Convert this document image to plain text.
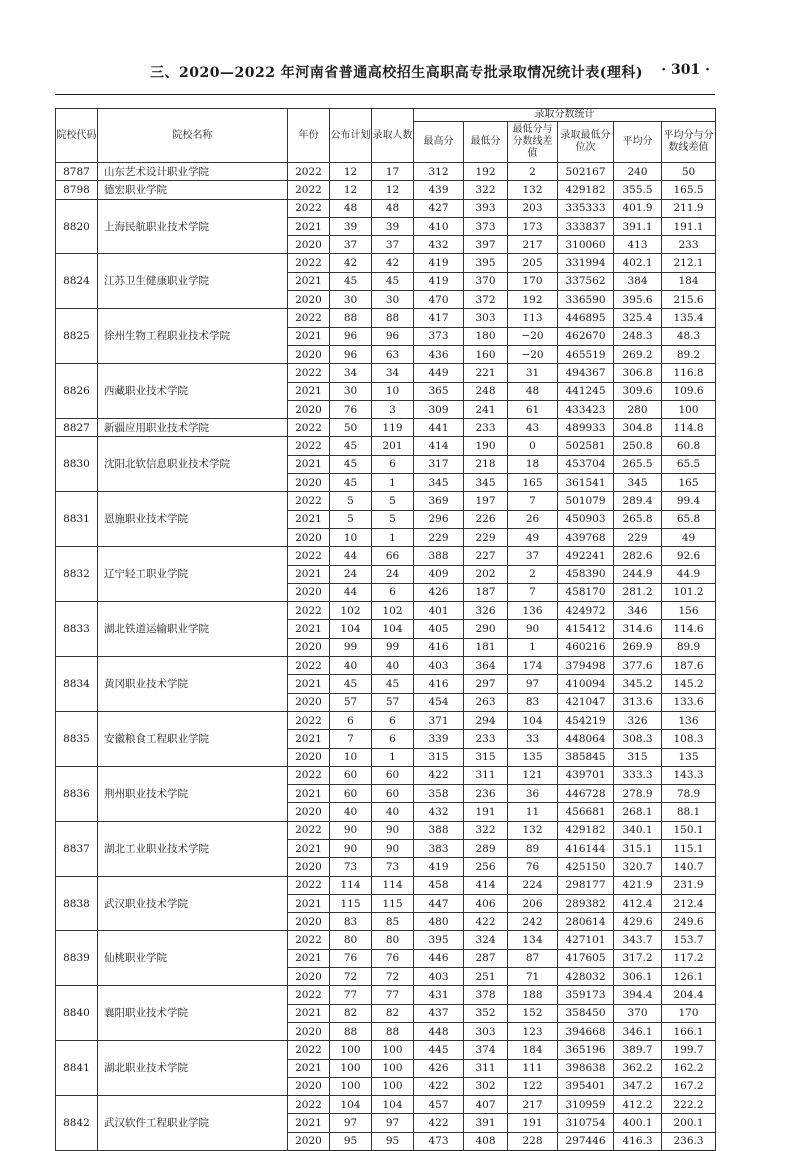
三、2020—2022 年河南省普通高校招生高职高专批录取情况统计表(理科) · 301 ·
院校代码	院校名称	年份	公布计划	录取人数	录取分数统计					
					最高分	最低分	最低分与分数线差值	录取最低分位次	平均分	平均分与分数线差值
8787	山东艺术设计职业学院	2022	12	17	312	192	2	502167	240	50
8798	德宏职业学院	2022	12	12	439	322	132	429182	355.5	165.5
8820	上海民航职业技术学院	2022	48	48	427	393	203	335333	401.9	211.9
		2021	39	39	410	373	173	333837	391.1	191.1
		2020	37	37	432	397	217	310060	413	233
8824	江苏卫生健康职业学院	2022	42	42	419	395	205	331994	402.1	212.1
		2021	45	45	419	370	170	337562	384	184
		2020	30	30	470	372	192	336590	395.6	215.6
8825	徐州生物工程职业技术学院	2022	88	88	417	303	113	446895	325.4	135.4
		2021	96	96	373	180	−20	462670	248.3	48.3
		2020	96	63	436	160	−20	465519	269.2	89.2
8826	西藏职业技术学院	2022	34	34	449	221	31	494367	306.8	116.8
		2021	30	10	365	248	48	441245	309.6	109.6
		2020	76	3	309	241	61	433423	280	100
8827	新疆应用职业技术学院	2022	50	119	441	233	43	489933	304.8	114.8
8830	沈阳北软信息职业技术学院	2022	45	201	414	190	0	502581	250.8	60.8
		2021	45	6	317	218	18	453704	265.5	65.5
		2020	45	1	345	345	165	361541	345	165
8831	恩施职业技术学院	2022	5	5	369	197	7	501079	289.4	99.4
		2021	5	5	296	226	26	450903	265.8	65.8
		2020	10	1	229	229	49	439768	229	49
8832	辽宁轻工职业学院	2022	44	66	388	227	37	492241	282.6	92.6
		2021	24	24	409	202	2	458390	244.9	44.9
		2020	44	6	426	187	7	458170	281.2	101.2
8833	湖北铁道运输职业学院	2022	102	102	401	326	136	424972	346	156
		2021	104	104	405	290	90	415412	314.6	114.6
		2020	99	99	416	181	1	460216	269.9	89.9
8834	黄冈职业技术学院	2022	40	40	403	364	174	379498	377.6	187.6
		2021	45	45	416	297	97	410094	345.2	145.2
		2020	57	57	454	263	83	421047	313.6	133.6
8835	安徽粮食工程职业学院	2022	6	6	371	294	104	454219	326	136
		2021	7	6	339	233	33	448064	308.3	108.3
		2020	10	1	315	315	135	385845	315	135
8836	荆州职业技术学院	2022	60	60	422	311	121	439701	333.3	143.3
		2021	60	60	358	236	36	446728	278.9	78.9
		2020	40	40	432	191	11	456681	268.1	88.1
8837	湖北工业职业技术学院	2022	90	90	388	322	132	429182	340.1	150.1
		2021	90	90	383	289	89	416144	315.1	115.1
		2020	73	73	419	256	76	425150	320.7	140.7
8838	武汉职业技术学院	2022	114	114	458	414	224	298177	421.9	231.9
		2021	115	115	447	406	206	289382	412.4	212.4
		2020	83	85	480	422	242	280614	429.6	249.6
8839	仙桃职业学院	2022	80	80	395	324	134	427101	343.7	153.7
		2021	76	76	446	287	87	417605	317.2	117.2
		2020	72	72	403	251	71	428032	306.1	126.1
8840	襄阳职业技术学院	2022	77	77	431	378	188	359173	394.4	204.4
		2021	82	82	437	352	152	358450	370	170
		2020	88	88	448	303	123	394668	346.1	166.1
8841	湖北职业技术学院	2022	100	100	445	374	184	365196	389.7	199.7
		2021	100	100	426	311	111	398638	362.2	162.2
		2020	100	100	422	302	122	395401	347.2	167.2
8842	武汉软件工程职业学院	2022	104	104	457	407	217	310959	412.2	222.2
		2021	97	97	422	391	191	310754	400.1	200.1
		2020	95	95	473	408	228	297446	416.3	236.3
